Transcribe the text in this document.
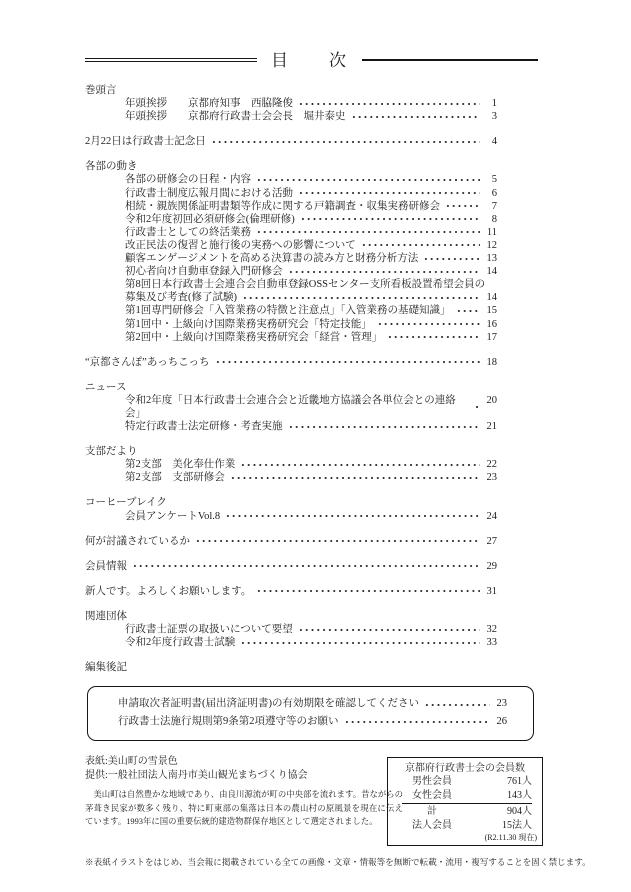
目　次
巻頭言
年頭挨拶　　京都府知事　西脇隆俊	1
年頭挨拶　　京都府行政書士会会長　堀井泰史	3
2月22日は行政書士記念日	4
各部の動き
各部の研修会の日程・内容	5
行政書士制度広報月間における活動	6
相続・親族関係証明書類等作成に関する戸籍調査・収集実務研修会	7
令和2年度初回必須研修会(倫理研修)	8
行政書士としての終活業務	11
改正民法の復習と施行後の実務への影響について	12
顧客エンゲージメントを高める決算書の読み方と財務分析方法	13
初心者向け自動車登録入門研修会	14
第8回日本行政書士会連合会自動車登録OSSセンター支所看板設置希望会員の
募集及び考査(修了試験)	14
第1回専門研修会「入管業務の特徴と注意点」「入管業務の基礎知識」	15
第1回中・上級向け国際業務実務研究会「特定技能」	16
第2回中・上級向け国際業務実務研究会「経営・管理」	17
“京都さんぽ”あっちこっち	18
ニュース
令和2年度「日本行政書士会連合会と近畿地方協議会各単位会との連絡会」
20
特定行政書士法定研修・考査実施	21
支部だより
第2支部　美化奉仕作業	22
第2支部　支部研修会	23
コーヒーブレイク
会員アンケートVol.8	24
何が討議されているか	27
会員情報	29
新人です。よろしくお願いします。	31
関連団体
行政書士証票の取扱いについて要望	32
令和2年度行政書士試験	33
編集後記
申請取次者証明書(届出済証明書)の有効期限を確認してください	23
行政書士法施行規則第9条第2項遵守等のお願い	26
表紙:美山町の雪景色
提供:一般社団法人南丹市美山観光まちづくり協会
　美山町は自然豊かな地域であり、由良川源流が町の中央部を流れます。昔ながらの茅葺き民家が数多く残り、特に町東部の集落は日本の農山村の原風景を現在に伝えています。1993年に国の重要伝統的建造物群保存地区として選定されました。
京都府行政書士会の会員数
男性会員	761人
女性会員	143人
計	904人
法人会員	15法人
(R2.11.30 現在)
※表紙イラストをはじめ、当会報に掲載されている全ての画像・文章・情報等を無断で転載・流用・複写することを固く禁じます。
